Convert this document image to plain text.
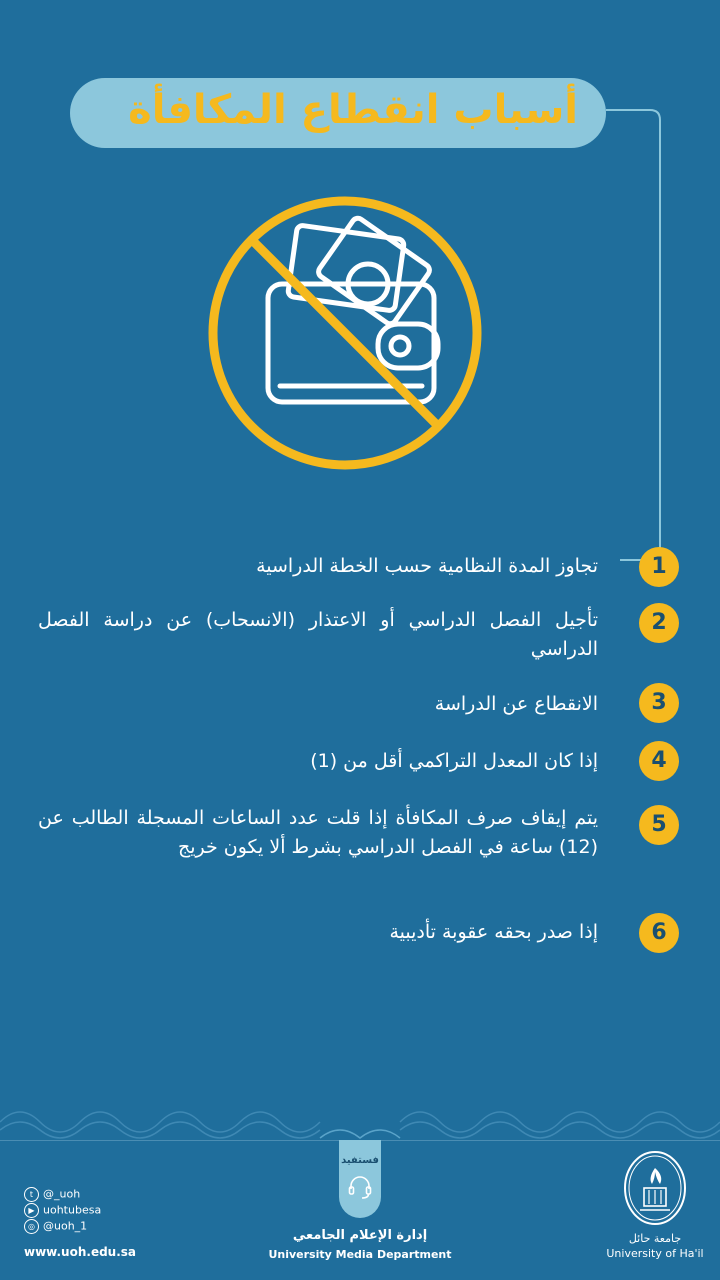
أسباب انقطاع المكافأة
1
تجاوز المدة النظامية حسب الخطة الدراسية
2
تأجيل الفصل الدراسي أو الاعتذار (الانسحاب) عن دراسة الفصل الدراسي
3
الانقطاع عن الدراسة
4
إذا كان المعدل التراكمي أقل من (1)
5
يتم إيقاف صرف المكافأة إذا قلت عدد الساعات المسجلة الطالب عن (12) ساعة في الفصل الدراسي بشرط ألا يكون خريج
6
إذا صدر بحقه عقوبة تأديبية
فستفيد
t @_uoh
▶ uohtubesa
◎ @uoh_1
www.uoh.edu.sa
إدارة الإعلام الجامعي
University Media Department
جامعة حائل
University of Ha'il
